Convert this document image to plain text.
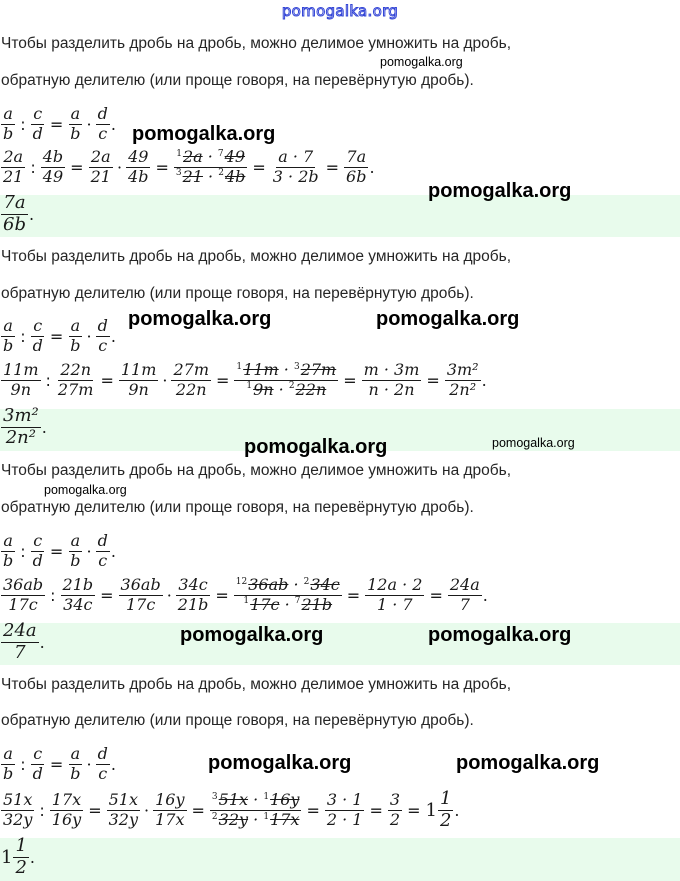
pomogalka.org
Чтобы разделить дробь на дробь, можно делимое умножить на дробь,
обратную делителю (или проще говоря, на перевёрнутую дробь).
$\frac{a}{b}$ : $\frac{c}{d} = \frac{a}{b} \cdot \frac{d}{c}$ .
$\frac{2a}{21}$ : $\frac{4b}{49} = \frac{2a}{21} \cdot \frac{49}{4b} = \frac{^12a \cdot ^749}{^321 \cdot ^24b} = \frac{a \cdot 7}{3 \cdot 2b} = \frac{7a}{6b}$ .
$\frac{7a}{6b}$ .
pomogalka.org
pomogalka.org
pomogalka.org
Чтобы разделить дробь на дробь, можно делимое умножить на дробь,
обратную делителю (или проще говоря, на перевёрнутую дробь).
$\frac{a}{b}$ : $\frac{c}{d} = \frac{a}{b} \cdot \frac{d}{c}$ .
$\frac{11m}{9n}$ : $\frac{22n}{27m} = \frac{11m}{9n} \cdot \frac{27m}{22n} = \frac{^111m \cdot ^327m}{^19n \cdot ^222n} = \frac{m \cdot 3m}{n \cdot 2n} = \frac{\text{3m²}}{\text{2n²}}$ .
$\frac{\text{3m²}}{\text{2n²}}$ .
pomogalka.org	pomogalka.org
pomogalka.org	pomogalka.org
Чтобы разделить дробь на дробь, можно делимое умножить на дробь,
обратную делителю (или проще говоря, на перевёрнутую дробь).
$\frac{a}{b}$ : $\frac{c}{d} = \frac{a}{b} \cdot \frac{d}{c}$ .
$\frac{36ab}{17c}$ : $\frac{21b}{34c} = \frac{36ab}{17c} \cdot \frac{34c}{21b} = \frac{^{12}36ab \cdot ^234c}{^117c \cdot ^721b} = \frac{12a \cdot 2}{1 \cdot 7} = \frac{24a}{7}$ .
$\frac{24a}{7}$ .
pomogalka.org
pomogalka.org	pomogalka.org
Чтобы разделить дробь на дробь, можно делимое умножить на дробь,
обратную делителю (или проще говоря, на перевёрнутую дробь).
$\frac{a}{b}$ : $\frac{c}{d} = \frac{a}{b} \cdot \frac{d}{c}$ .
$\frac{51x}{32y}$ : $\frac{17x}{16y} = \frac{51x}{32y} \cdot \frac{16y}{17x} = \frac{^351x \cdot ^116y}{^232y \cdot ^117x} = \frac{3 \cdot 1}{2 \cdot 1} = \frac{3}{2} = 1 \frac{1}{2}$ .
$1 \frac{1}{2}$ .
pomogalka.org	pomogalka.org
